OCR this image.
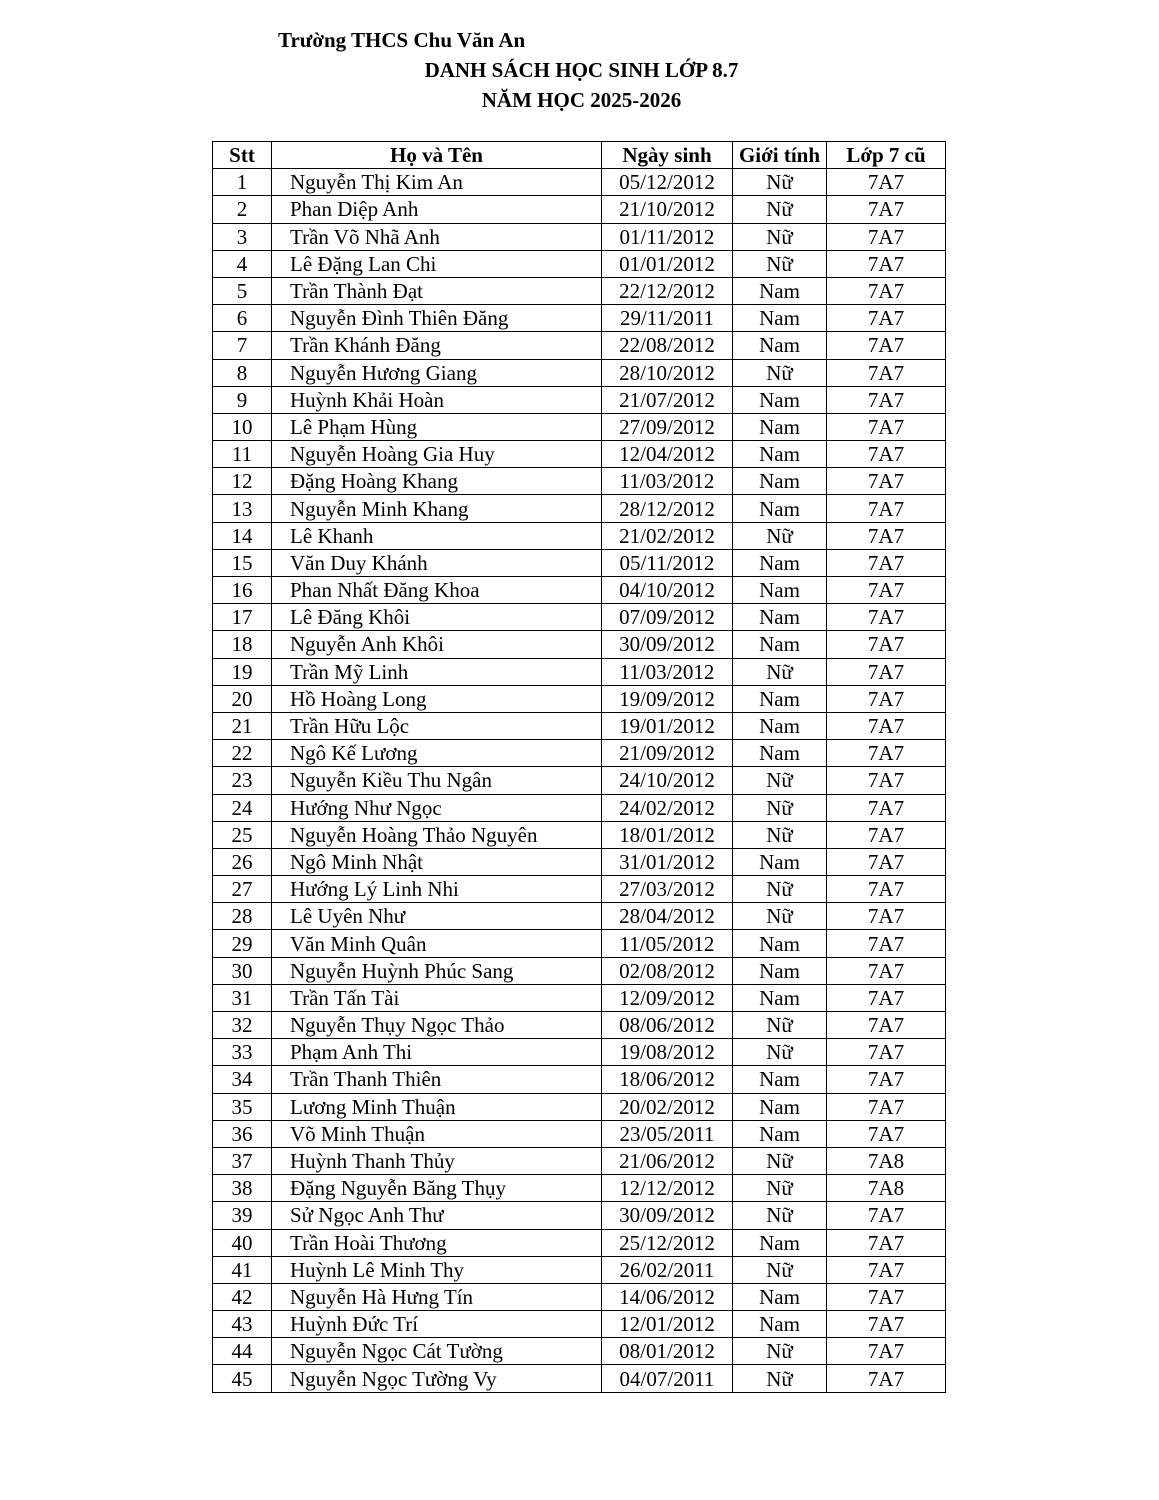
Trường THCS Chu Văn An
DANH SÁCH HỌC SINH LỚP 8.7
NĂM HỌC 2025-2026
Stt	Họ và Tên	Ngày sinh	Giới tính	Lớp 7 cũ
1	Nguyễn Thị Kim An	05/12/2012	Nữ	7A7
2	Phan Diệp Anh	21/10/2012	Nữ	7A7
3	Trần Võ Nhã Anh	01/11/2012	Nữ	7A7
4	Lê Đặng Lan Chi	01/01/2012	Nữ	7A7
5	Trần Thành Đạt	22/12/2012	Nam	7A7
6	Nguyễn Đình Thiên Đăng	29/11/2011	Nam	7A7
7	Trần Khánh Đăng	22/08/2012	Nam	7A7
8	Nguyễn Hương Giang	28/10/2012	Nữ	7A7
9	Huỳnh Khải Hoàn	21/07/2012	Nam	7A7
10	Lê Phạm Hùng	27/09/2012	Nam	7A7
11	Nguyễn Hoàng Gia Huy	12/04/2012	Nam	7A7
12	Đặng Hoàng Khang	11/03/2012	Nam	7A7
13	Nguyễn Minh Khang	28/12/2012	Nam	7A7
14	Lê Khanh	21/02/2012	Nữ	7A7
15	Văn Duy Khánh	05/11/2012	Nam	7A7
16	Phan Nhất Đăng Khoa	04/10/2012	Nam	7A7
17	Lê Đăng Khôi	07/09/2012	Nam	7A7
18	Nguyễn Anh Khôi	30/09/2012	Nam	7A7
19	Trần Mỹ Linh	11/03/2012	Nữ	7A7
20	Hồ Hoàng Long	19/09/2012	Nam	7A7
21	Trần Hữu Lộc	19/01/2012	Nam	7A7
22	Ngô Kế Lương	21/09/2012	Nam	7A7
23	Nguyễn Kiều Thu Ngân	24/10/2012	Nữ	7A7
24	Hướng Như Ngọc	24/02/2012	Nữ	7A7
25	Nguyễn Hoàng Thảo Nguyên	18/01/2012	Nữ	7A7
26	Ngô Minh Nhật	31/01/2012	Nam	7A7
27	Hướng Lý Linh Nhi	27/03/2012	Nữ	7A7
28	Lê Uyên Như	28/04/2012	Nữ	7A7
29	Văn Minh Quân	11/05/2012	Nam	7A7
30	Nguyễn Huỳnh Phúc Sang	02/08/2012	Nam	7A7
31	Trần Tấn Tài	12/09/2012	Nam	7A7
32	Nguyễn Thụy Ngọc Thảo	08/06/2012	Nữ	7A7
33	Phạm Anh Thi	19/08/2012	Nữ	7A7
34	Trần Thanh Thiên	18/06/2012	Nam	7A7
35	Lương Minh Thuận	20/02/2012	Nam	7A7
36	Võ Minh Thuận	23/05/2011	Nam	7A7
37	Huỳnh Thanh Thủy	21/06/2012	Nữ	7A8
38	Đặng Nguyễn Băng Thụy	12/12/2012	Nữ	7A8
39	Sử Ngọc Anh Thư	30/09/2012	Nữ	7A7
40	Trần Hoài Thương	25/12/2012	Nam	7A7
41	Huỳnh Lê Minh Thy	26/02/2011	Nữ	7A7
42	Nguyễn Hà Hưng Tín	14/06/2012	Nam	7A7
43	Huỳnh Đức Trí	12/01/2012	Nam	7A7
44	Nguyễn Ngọc Cát Tường	08/01/2012	Nữ	7A7
45	Nguyễn Ngọc Tường Vy	04/07/2011	Nữ	7A7
